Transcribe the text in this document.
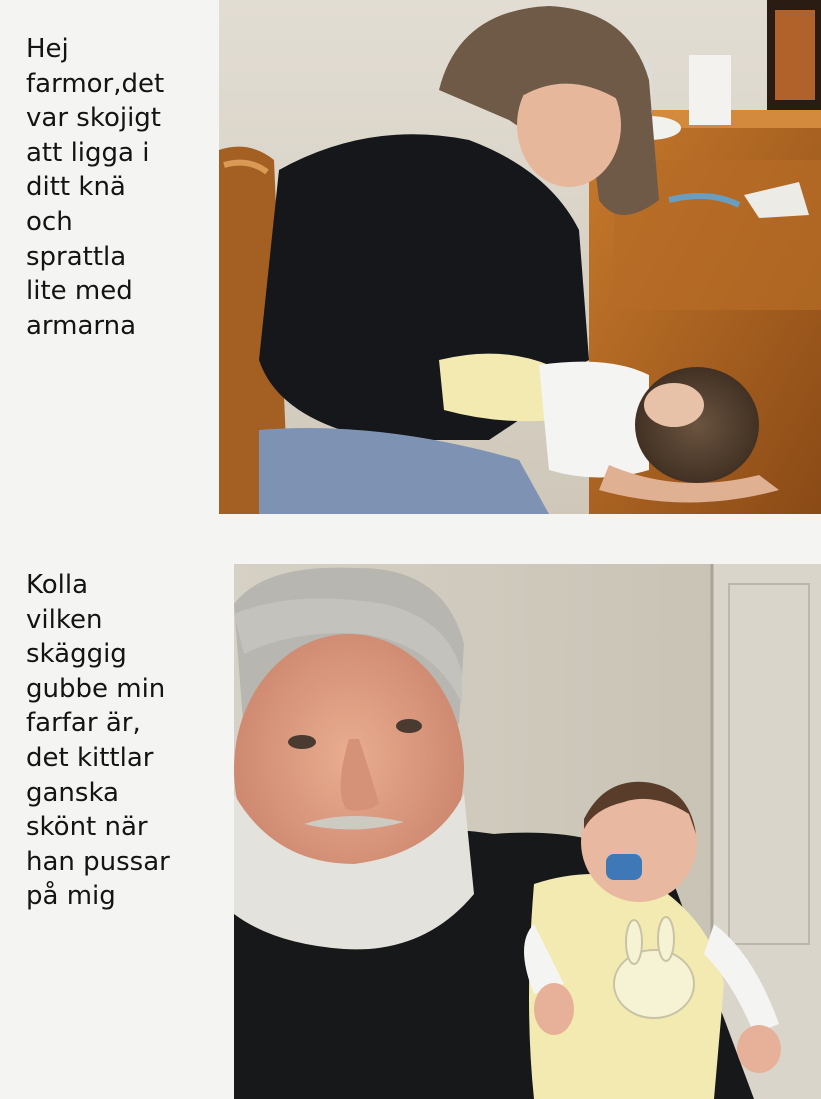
Hej
farmor,det
var skojigt
att ligga i
ditt knä
och
sprattla
lite med
armarna
Kolla
vilken
skäggig
gubbe min
farfar är,
det kittlar
ganska
skönt när
han pussar
på mig
